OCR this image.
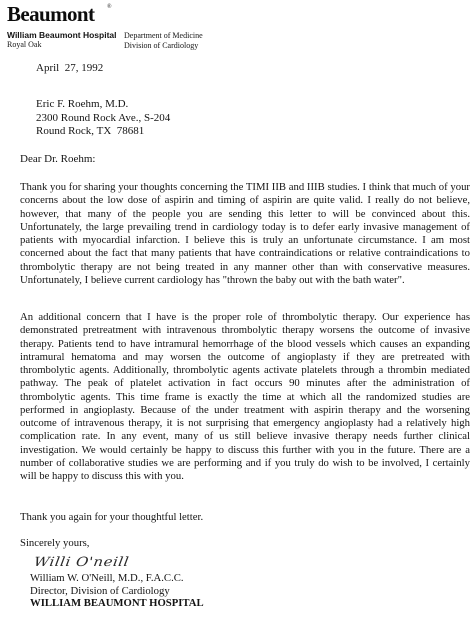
Beaumont ®
William Beaumont Hospital
Royal Oak
Department of Medicine
Division of Cardiology
April  27, 1992
Eric F. Roehm, M.D.
2300 Round Rock Ave., S-204
Round Rock, TX  78681
Dear Dr. Roehm:
Thank you for sharing your thoughts concerning the TIMI IIB and IIIB studies. I think that much of your concerns about the low dose of aspirin and timing of aspirin are quite valid. I really do not believe, however, that many of the people you are sending this letter to will be convinced about this. Unfortunately, the large prevailing trend in cardiology today is to defer early invasive management of patients with myocardial infarction. I believe this is truly an unfortunate circumstance. I am most concerned about the fact that many patients that have contraindications or relative contraindications to thrombolytic therapy are not being treated in any manner other than with conservative measures. Unfortunately, I believe current cardiology has "thrown the baby out with the bath water".
An additional concern that I have is the proper role of thrombolytic therapy. Our experience has demonstrated pretreatment with intravenous thrombolytic therapy worsens the outcome of invasive therapy. Patients tend to have intramural hemorrhage of the blood vessels which causes an expanding intramural hematoma and may worsen the outcome of angioplasty if they are pretreated with thrombolytic agents. Additionally, thrombolytic agents activate platelets through a thrombin mediated pathway. The peak of platelet activation in fact occurs 90 minutes after the administration of thrombolytic agents. This time frame is exactly the time at which all the randomized studies are performed in angioplasty. Because of the under treatment with aspirin therapy and the worsening outcome of intravenous therapy, it is not surprising that emergency angioplasty had a relatively high complication rate. In any event, many of us still believe invasive therapy needs further clinical investigation. We would certainly be happy to discuss this further with you in the future. There are a number of collaborative studies we are performing and if you truly do wish to be involved, I certainly will be happy to discuss this with you.
Thank you again for your thoughtful letter.
Sincerely yours,
Willi O'neill
William W. O'Neill, M.D., F.A.C.C.
Director, Division of Cardiology
WILLIAM BEAUMONT HOSPITAL
